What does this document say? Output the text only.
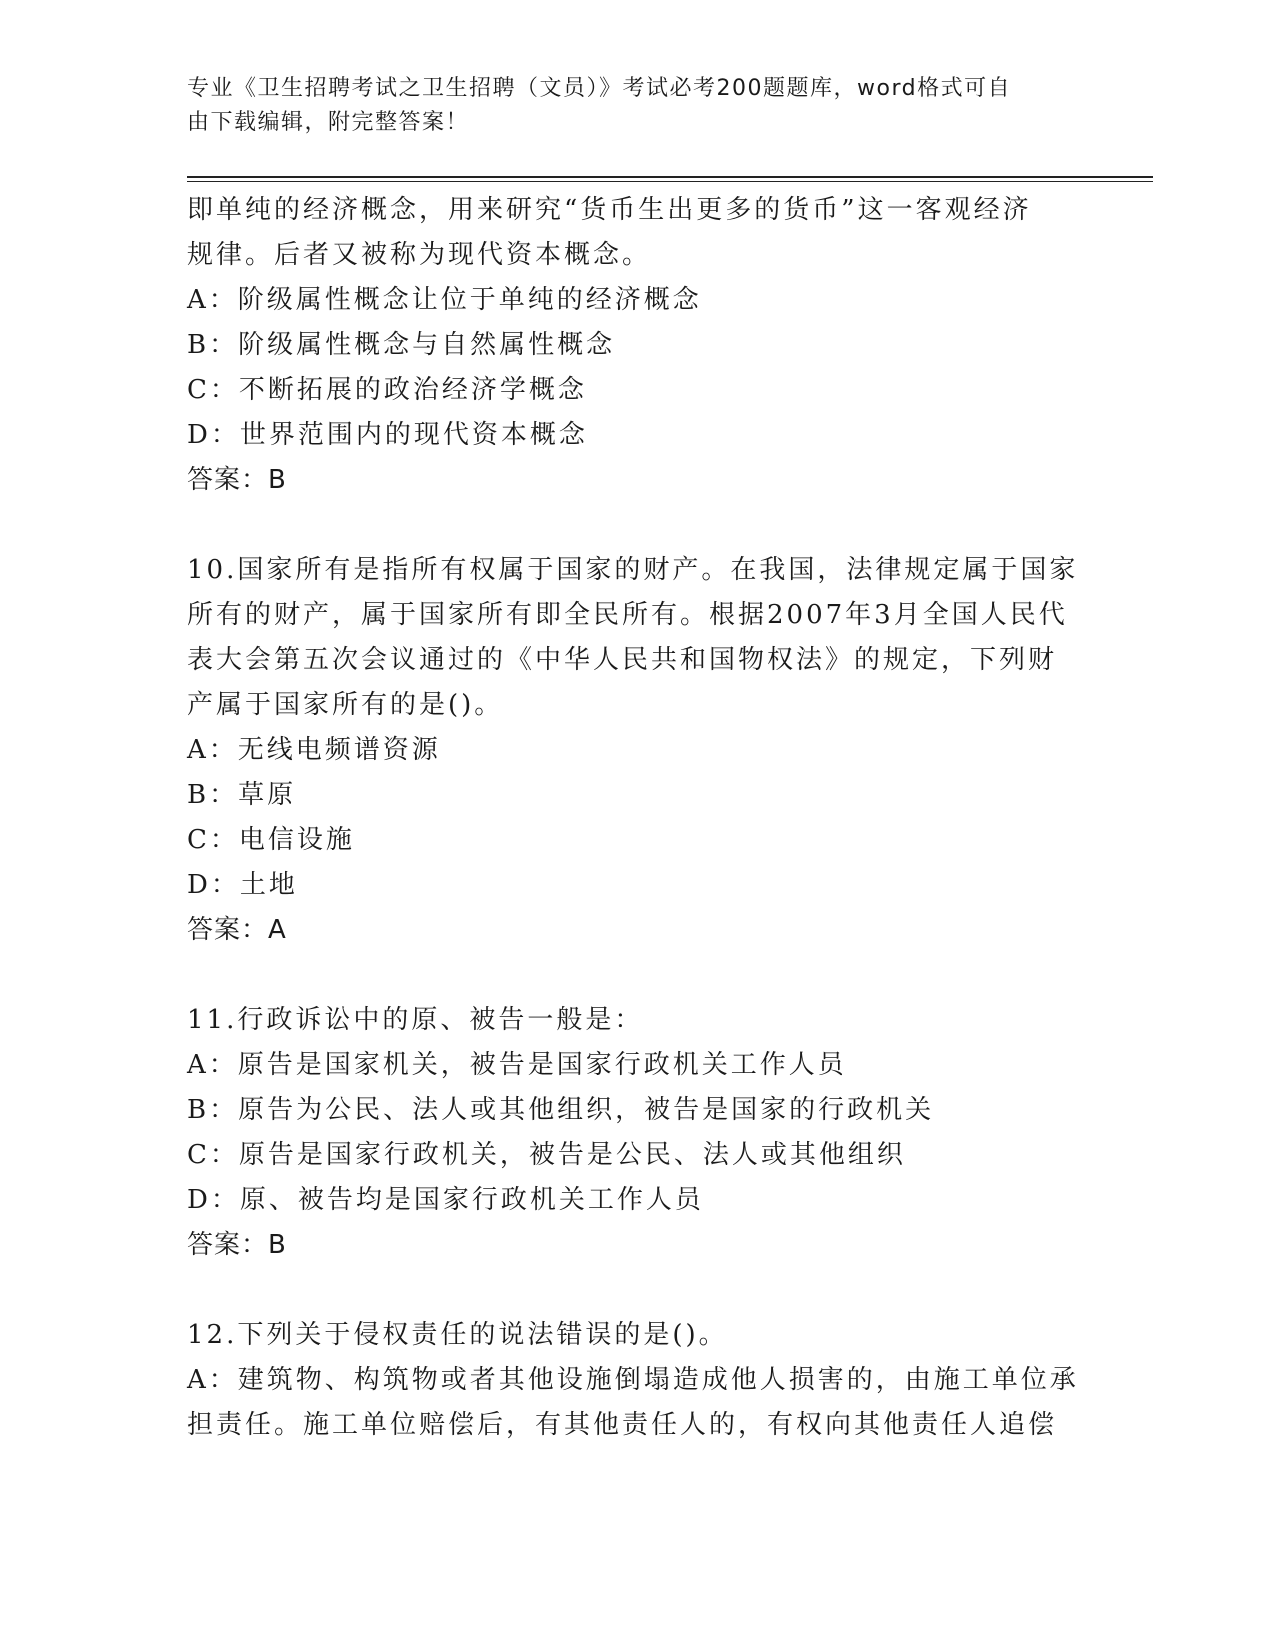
专业《卫生招聘考试之卫生招聘（文员）》考试必考200题题库，word格式可自
由下载编辑，附完整答案！
即单纯的经济概念，用来研究“货币生出更多的货币”这一客观经济
规律。后者又被称为现代资本概念。
A：阶级属性概念让位于单纯的经济概念
B：阶级属性概念与自然属性概念
C：不断拓展的政治经济学概念
D：世界范围内的现代资本概念
答案：B
10.国家所有是指所有权属于国家的财产。在我国，法律规定属于国家
所有的财产，属于国家所有即全民所有。根据2007年3月全国人民代
表大会第五次会议通过的《中华人民共和国物权法》的规定，下列财
产属于国家所有的是()。
A：无线电频谱资源
B：草原
C：电信设施
D：土地
答案：A
11.行政诉讼中的原、被告一般是：
A：原告是国家机关，被告是国家行政机关工作人员
B：原告为公民、法人或其他组织，被告是国家的行政机关
C：原告是国家行政机关，被告是公民、法人或其他组织
D：原、被告均是国家行政机关工作人员
答案：B
12.下列关于侵权责任的说法错误的是()。
A：建筑物、构筑物或者其他设施倒塌造成他人损害的，由施工单位承
担责任。施工单位赔偿后，有其他责任人的，有权向其他责任人追偿
